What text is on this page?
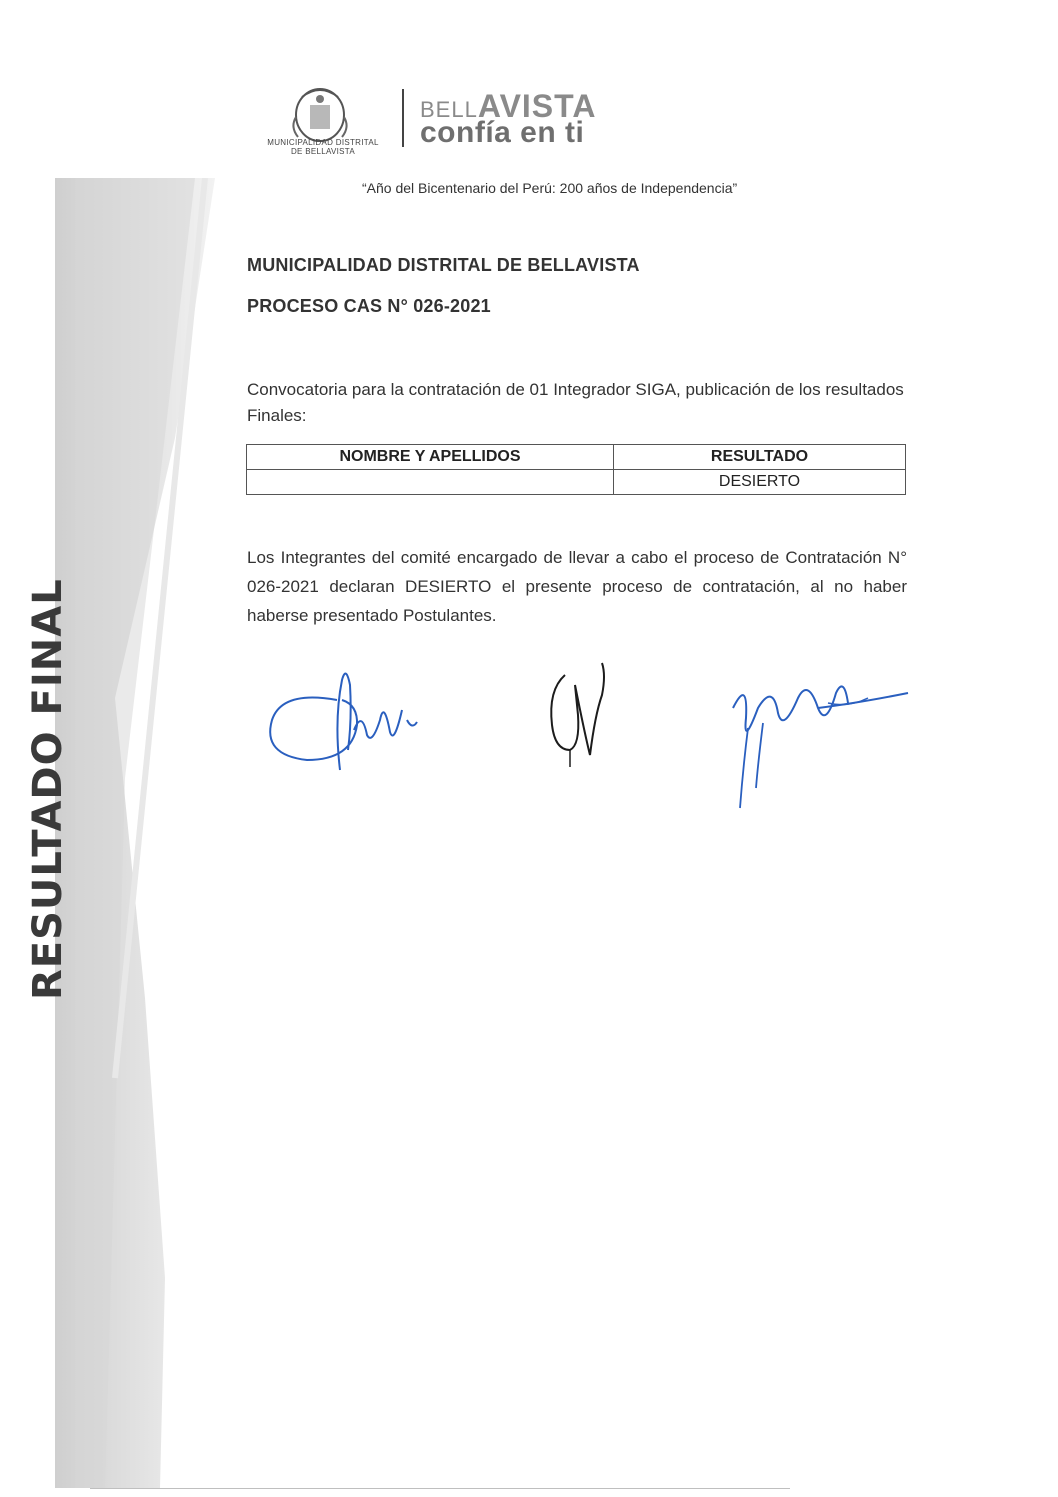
RESULTADO FINAL
MUNICIPALIDAD DISTRITAL
DE BELLAVISTA
BELLAVISTA
confía en ti
“Año del Bicentenario del Perú: 200 años de Independencia”
MUNICIPALIDAD DISTRITAL DE BELLAVISTA
PROCESO CAS N° 026-2021
Convocatoria para la contratación de 01 Integrador SIGA, publicación de los resultados Finales:
NOMBRE Y APELLIDOS	RESULTADO
	DESIERTO
Los Integrantes del comité encargado de llevar a cabo el proceso de Contratación N° 026-2021 declaran DESIERTO el presente proceso de contratación, al no haber haberse presentado Postulantes.
